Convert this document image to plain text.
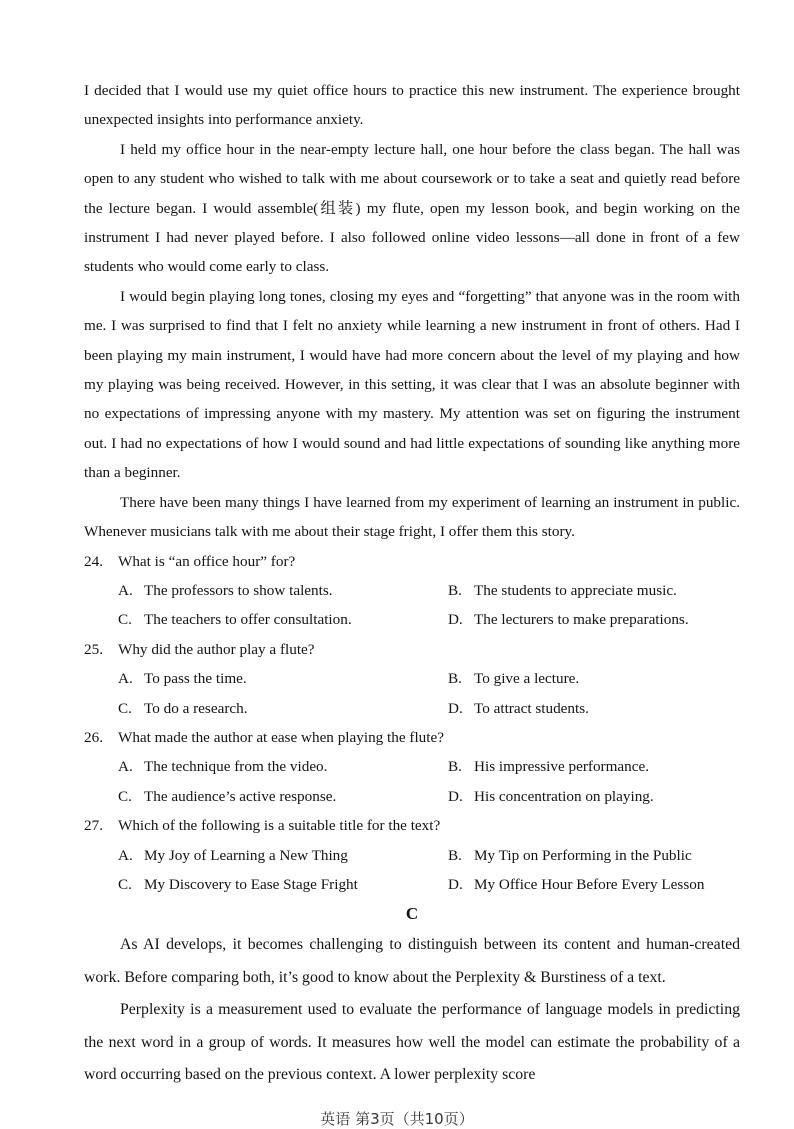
I decided that I would use my quiet office hours to practice this new instrument. The experience brought unexpected insights into performance anxiety.

I held my office hour in the near-empty lecture hall, one hour before the class began. The hall was open to any student who wished to talk with me about coursework or to take a seat and quietly read before the lecture began. I would assemble(组装) my flute, open my lesson book, and begin working on the instrument I had never played before. I also followed online video lessons—all done in front of a few students who would come early to class.

I would begin playing long tones, closing my eyes and “forgetting” that anyone was in the room with me. I was surprised to find that I felt no anxiety while learning a new instrument in front of others. Had I been playing my main instrument, I would have had more concern about the level of my playing and how my playing was being received. However, in this setting, it was clear that I was an absolute beginner with no expectations of impressing anyone with my mastery. My attention was set on figuring the instrument out. I had no expectations of how I would sound and had little expectations of sounding like anything more than a beginner.

There have been many things I have learned from my experiment of learning an instrument in public. Whenever musicians talk with me about their stage fright, I offer them this story.

24. What is “an office hour” for?

A. The professors to show talents.	B. The students to appreciate music.
C. The teachers to offer consultation.	D. The lecturers to make preparations.

25. Why did the author play a flute?

A. To pass the time.	B. To give a lecture.
C. To do a research.	D. To attract students.

26. What made the author at ease when playing the flute?

A. The technique from the video.	B. His impressive performance.
C. The audience’s active response.	D. His concentration on playing.

27. Which of the following is a suitable title for the text?

A. My Joy of Learning a New Thing	B. My Tip on Performing in the Public
C. My Discovery to Ease Stage Fright	D. My Office Hour Before Every Lesson

C

As AI develops, it becomes challenging to distinguish between its content and human-created work. Before comparing both, it’s good to know about the Perplexity & Burstiness of a text.

Perplexity is a measurement used to evaluate the performance of language models in predicting the next word in a group of words. It measures how well the model can estimate the probability of a word occurring based on the previous context. A lower perplexity score

英语 第3页（共10页）
